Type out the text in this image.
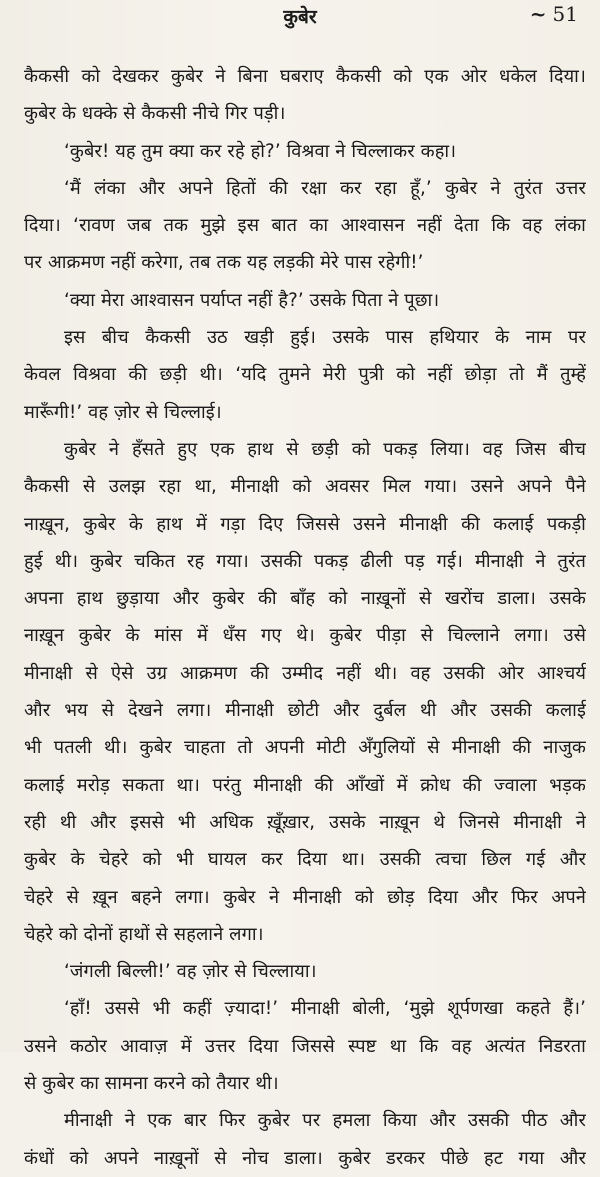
कुबेर	~ 51
कैकसी को देखकर कुबेर ने बिना घबराए कैकसी को एक ओर धकेल दिया।
कुबेर के धक्के से कैकसी नीचे गिर पड़ी।
‘कुबेर! यह तुम क्या कर रहे हो?’ विश्रवा ने चिल्लाकर कहा।
‘मैं लंका और अपने हितों की रक्षा कर रहा हूँ,’ कुबेर ने तुरंत उत्तर
दिया। ‘रावण जब तक मुझे इस बात का आश्वासन नहीं देता कि वह लंका
पर आक्रमण नहीं करेगा, तब तक यह लड़की मेरे पास रहेगी!’
‘क्या मेरा आश्वासन पर्याप्त नहीं है?’ उसके पिता ने पूछा।
इस बीच कैकसी उठ खड़ी हुई। उसके पास हथियार के नाम पर
केवल विश्रवा की छड़ी थी। ‘यदि तुमने मेरी पुत्री को नहीं छोड़ा तो मैं तुम्हें
मारूँगी!’ वह ज़ोर से चिल्लाई।
कुबेर ने हँसते हुए एक हाथ से छड़ी को पकड़ लिया। वह जिस बीच
कैकसी से उलझ रहा था, मीनाक्षी को अवसर मिल गया। उसने अपने पैने
नाख़ून, कुबेर के हाथ में गड़ा दिए जिससे उसने मीनाक्षी की कलाई पकड़ी
हुई थी। कुबेर चकित रह गया। उसकी पकड़ ढीली पड़ गई। मीनाक्षी ने तुरंत
अपना हाथ छुड़ाया और कुबेर की बाँह को नाख़ूनों से खरोंच डाला। उसके
नाख़ून कुबेर के मांस में धँस गए थे। कुबेर पीड़ा से चिल्लाने लगा। उसे
मीनाक्षी से ऐसे उग्र आक्रमण की उम्मीद नहीं थी। वह उसकी ओर आश्चर्य
और भय से देखने लगा। मीनाक्षी छोटी और दुर्बल थी और उसकी कलाई
भी पतली थी। कुबेर चाहता तो अपनी मोटी अँगुलियों से मीनाक्षी की नाजुक
कलाई मरोड़ सकता था। परंतु मीनाक्षी की आँखों में क्रोध की ज्वाला भड़क
रही थी और इससे भी अधिक ख़ूँख़ार, उसके नाख़ून थे जिनसे मीनाक्षी ने
कुबेर के चेहरे को भी घायल कर दिया था। उसकी त्वचा छिल गई और
चेहरे से ख़ून बहने लगा। कुबेर ने मीनाक्षी को छोड़ दिया और फिर अपने
चेहरे को दोनों हाथों से सहलाने लगा।
‘जंगली बिल्ली!’ वह ज़ोर से चिल्लाया।
‘हाँ! उससे भी कहीं ज़्यादा!’ मीनाक्षी बोली, ‘मुझे शूर्पणखा कहते हैं।’
उसने कठोर आवाज़ में उत्तर दिया जिससे स्पष्ट था कि वह अत्यंत निडरता
से कुबेर का सामना करने को तैयार थी।
मीनाक्षी ने एक बार फिर कुबेर पर हमला किया और उसकी पीठ और
कंधों को अपने नाख़ूनों से नोच डाला। कुबेर डरकर पीछे हट गया और
